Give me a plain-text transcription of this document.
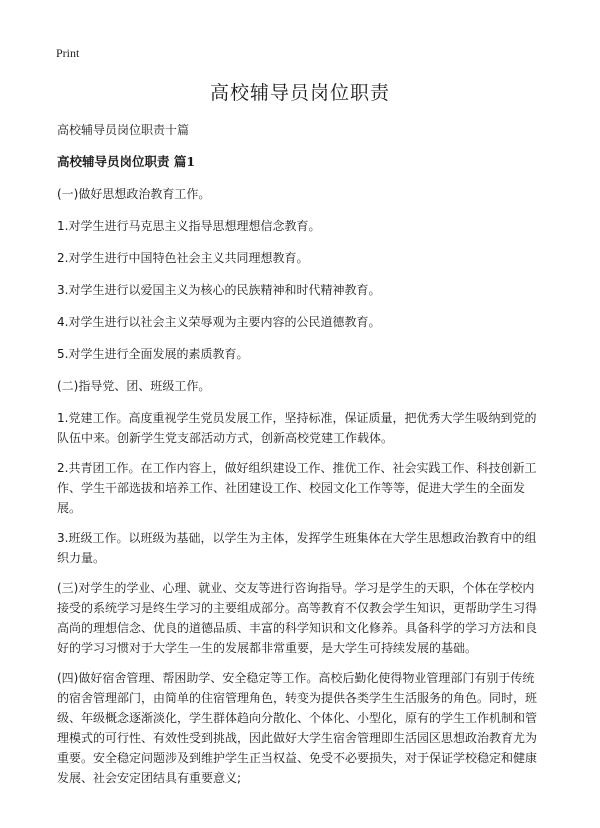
Print
高校辅导员岗位职责

高校辅导员岗位职责十篇

高校辅导员岗位职责 篇1

(一)做好思想政治教育工作。

1.对学生进行马克思主义指导思想理想信念教育。

2.对学生进行中国特色社会主义共同理想教育。

3.对学生进行以爱国主义为核心的民族精神和时代精神教育。

4.对学生进行以社会主义荣辱观为主要内容的公民道德教育。

5.对学生进行全面发展的素质教育。

(二)指导党、团、班级工作。

1.党建工作。高度重视学生党员发展工作，坚持标准，保证质量，把优秀大学生吸纳到党的队伍中来。创新学生党支部活动方式，创新高校党建工作载体。

2.共青团工作。在工作内容上，做好组织建设工作、推优工作、社会实践工作、科技创新工作、学生干部选拔和培养工作、社团建设工作、校园文化工作等等，促进大学生的全面发展。

3.班级工作。以班级为基础，以学生为主体，发挥学生班集体在大学生思想政治教育中的组织力量。

(三)对学生的学业、心理、就业、交友等进行咨询指导。学习是学生的天职，个体在学校内接受的系统学习是终生学习的主要组成部分。高等教育不仅教会学生知识，更帮助学生习得高尚的理想信念、优良的道德品质、丰富的科学知识和文化修养。具备科学的学习方法和良好的学习习惯对于大学生一生的发展都非常重要，是大学生可持续发展的基础。

(四)做好宿舍管理、帮困助学、安全稳定等工作。高校后勤化使得物业管理部门有别于传统的宿舍管理部门，由简单的住宿管理角色，转变为提供各类学生生活服务的角色。同时，班级、年级概念逐渐淡化，学生群体趋向分散化、个体化、小型化，原有的学生工作机制和管理模式的可行性、有效性受到挑战，因此做好大学生宿舍管理即生活园区思想政治教育尤为重要。安全稳定问题涉及到维护学生正当权益、免受不必要损失，对于保证学校稳定和健康发展、社会安定团结具有重要意义;
